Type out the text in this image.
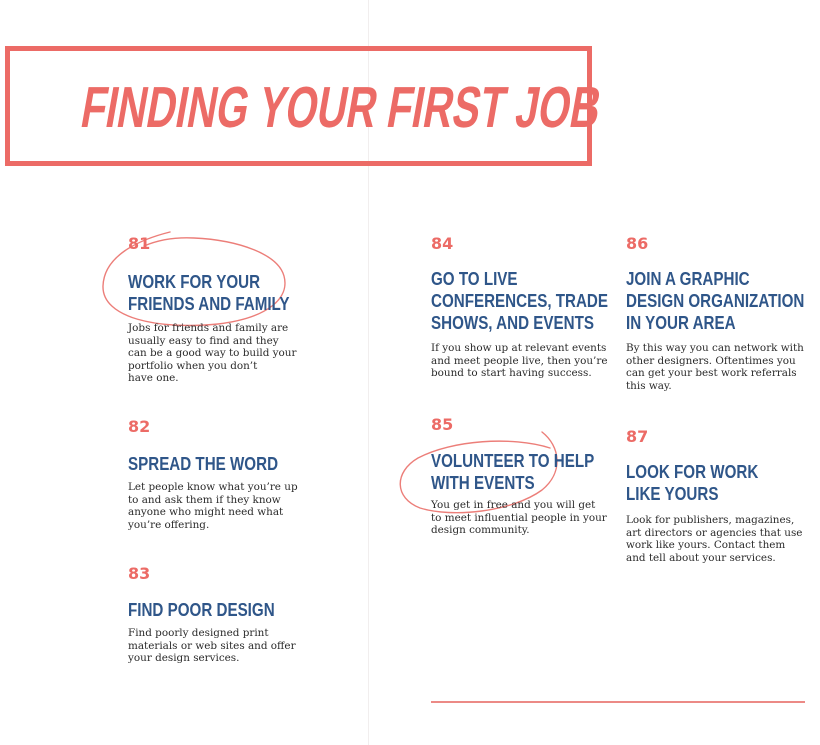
FINDING YOUR FIRST JOB
81
WORK FOR YOUR
FRIENDS AND FAMILY
Jobs for friends and family are
usually easy to find and they
can be a good way to build your
portfolio when you don’t
have one.
82
SPREAD THE WORD
Let people know what you’re up
to and ask them if they know
anyone who might need what
you’re offering.
83
FIND POOR DESIGN
Find poorly designed print
materials or web sites and offer
your design services.
84
GO TO LIVE
CONFERENCES, TRADE
SHOWS, AND EVENTS
If you show up at relevant events
and meet people live, then you’re
bound to start having success.
85
VOLUNTEER TO HELP
WITH EVENTS
You get in free and you will get
to meet influential people in your
design community.
86
JOIN A GRAPHIC
DESIGN ORGANIZATION
IN YOUR AREA
By this way you can network with
other designers. Oftentimes you
can get your best work referrals
this way.
87
LOOK FOR WORK
LIKE YOURS
Look for publishers, magazines,
art directors or agencies that use
work like yours. Contact them
and tell about your services.
